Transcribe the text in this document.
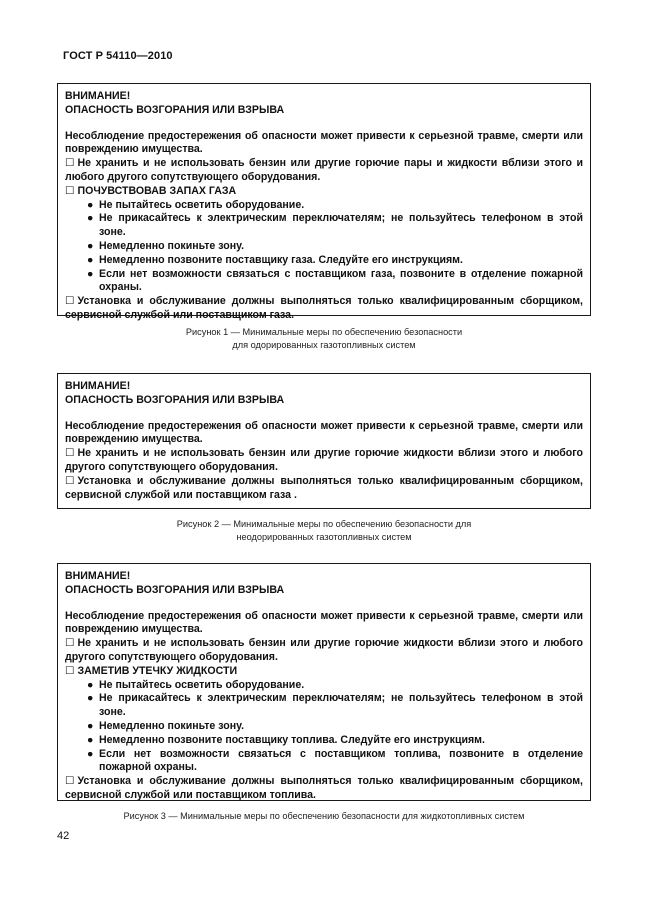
ГОСТ Р 54110—2010

ВНИМАНИЕ!

ОПАСНОСТЬ ВОЗГОРАНИЯ ИЛИ ВЗРЫВА

Несоблюдение предостережения об опасности может привести к серьезной травме, смерти или повреждению имущества.

☐ Не хранить и не использовать бензин или другие горючие пары и жидкости вблизи этого и любого другого сопутствующего оборудования.

☐ ПОЧУВСТВОВАВ ЗАПАХ ГАЗА

● Не пытайтесь осветить оборудование.
● Не прикасайтесь к электрическим переключателям; не пользуйтесь телефоном в этой зоне.
● Немедленно покиньте зону.
● Немедленно позвоните поставщику газа. Следуйте его инструкциям.
● Если нет возможности связаться с поставщиком газа, позвоните в отделение пожарной охраны.

☐ Установка и обслуживание должны выполняться только квалифицированным сборщиком, сервисной службой или поставщиком газа.

Рисунок 1 — Минимальные меры по обеспечению безопасности
для одорированных газотопливных систем

ВНИМАНИЕ!

ОПАСНОСТЬ ВОЗГОРАНИЯ ИЛИ ВЗРЫВА

Несоблюдение предостережения об опасности может привести к серьезной травме, смерти или повреждению имущества.

☐ Не хранить и не использовать бензин или другие горючие жидкости вблизи этого и любого другого сопутствующего оборудования.

☐ Установка и обслуживание должны выполняться только квалифицированным сборщиком, сервисной службой или поставщиком газа .

Рисунок 2 — Минимальные меры по обеспечению безопасности для
неодорированных газотопливных систем

ВНИМАНИЕ!

ОПАСНОСТЬ ВОЗГОРАНИЯ ИЛИ ВЗРЫВА

Несоблюдение предостережения об опасности может привести к серьезной травме, смерти или повреждению имущества.

☐ Не хранить и не использовать бензин или другие горючие жидкости вблизи этого и любого другого сопутствующего оборудования.

☐ ЗАМЕТИВ УТЕЧКУ ЖИДКОСТИ

● Не пытайтесь осветить оборудование.
● Не прикасайтесь к электрическим переключателям; не пользуйтесь телефоном в этой зоне.
● Немедленно покиньте зону.
● Немедленно позвоните поставщику топлива. Следуйте его инструкциям.
● Если нет возможности связаться с поставщиком топлива, позвоните в отделение пожарной охраны.

☐ Установка и обслуживание должны выполняться только квалифицированным сборщиком, сервисной службой или поставщиком топлива.

Рисунок 3 — Минимальные меры по обеспечению безопасности для жидкотопливных систем
42
